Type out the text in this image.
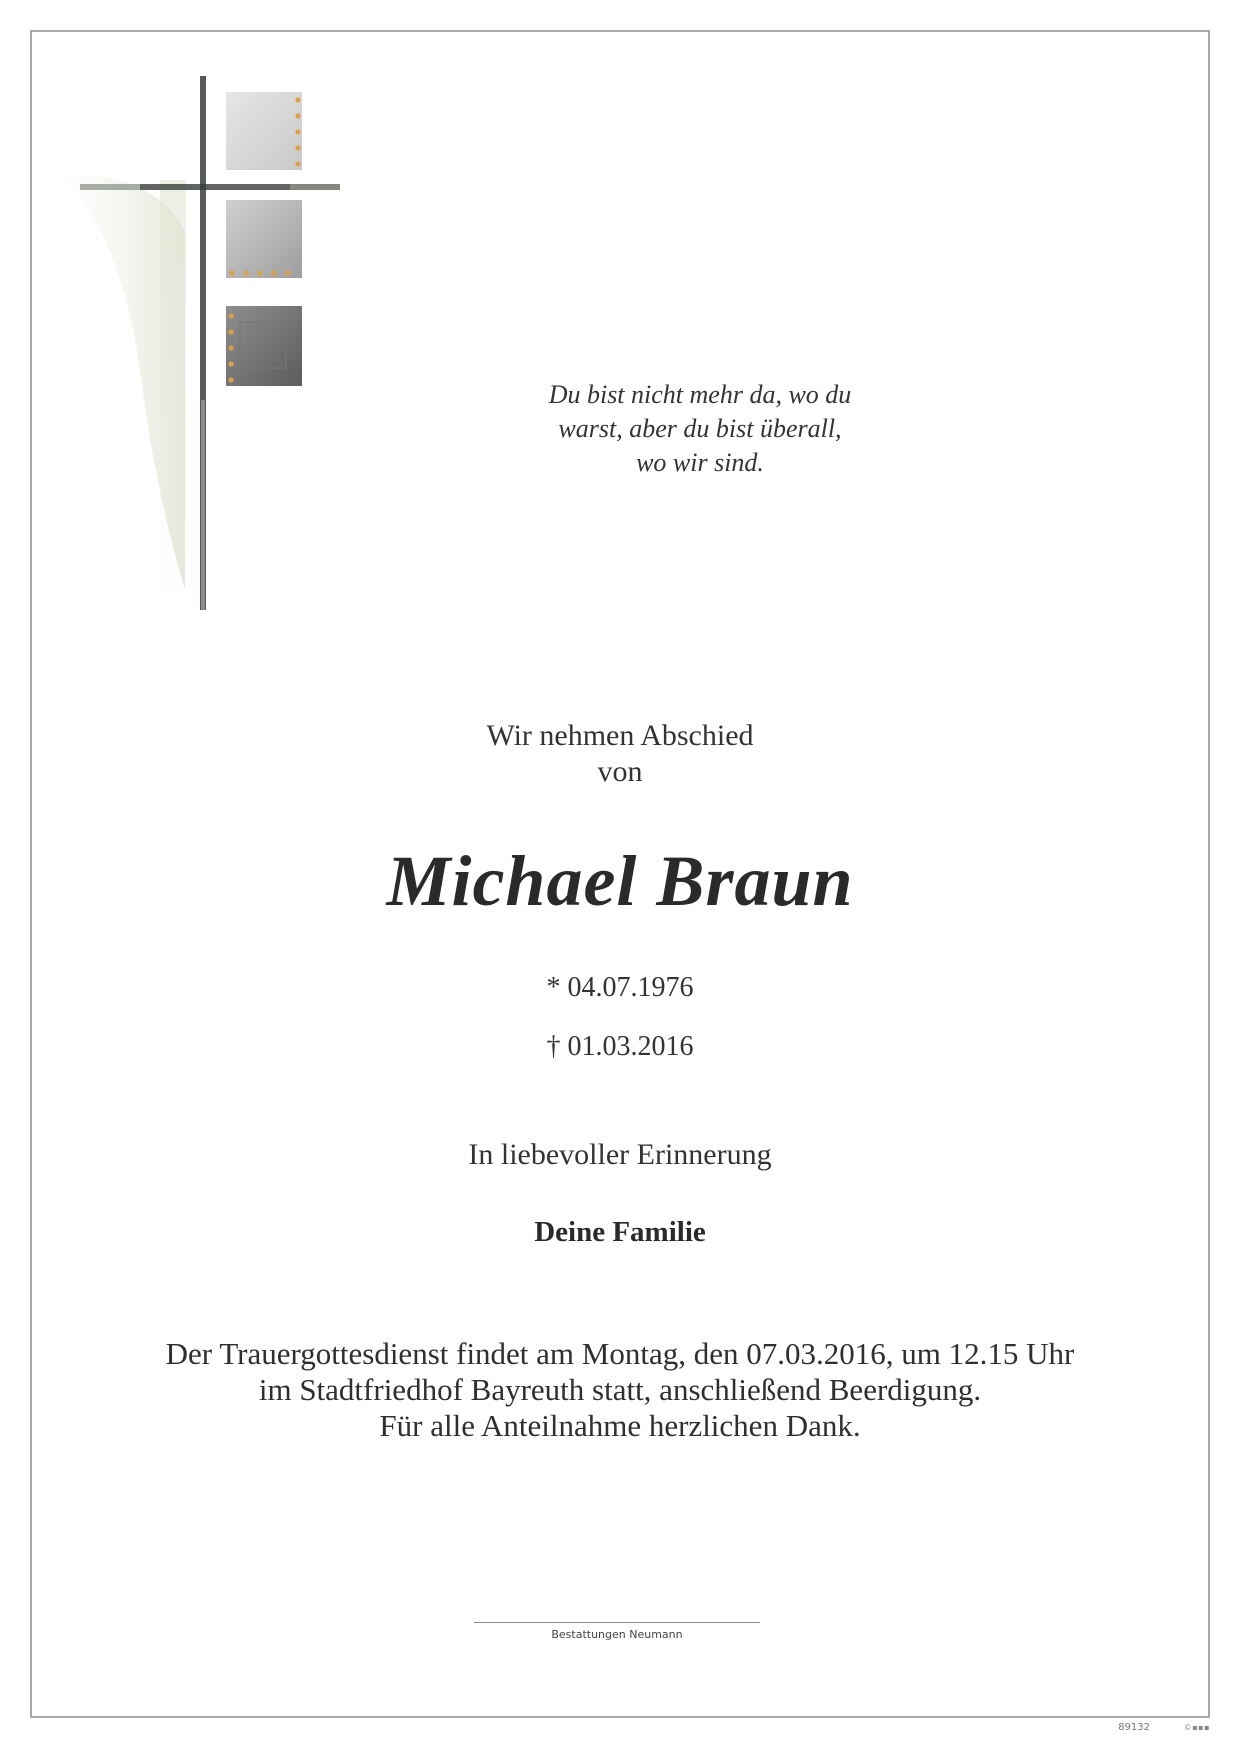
Du bist nicht mehr da, wo du
warst, aber du bist überall,
wo wir sind.
Wir nehmen Abschied
von
Michael Braun
* 04.07.1976
† 01.03.2016
In liebevoller Erinnerung
Deine Familie
Der Trauergottesdienst findet am Montag, den 07.03.2016, um 12.15 Uhr
im Stadtfriedhof Bayreuth statt, anschließend Beerdigung.
Für alle Anteilnahme herzlichen Dank.
Bestattungen Neumann
89132	©▪▪▪
